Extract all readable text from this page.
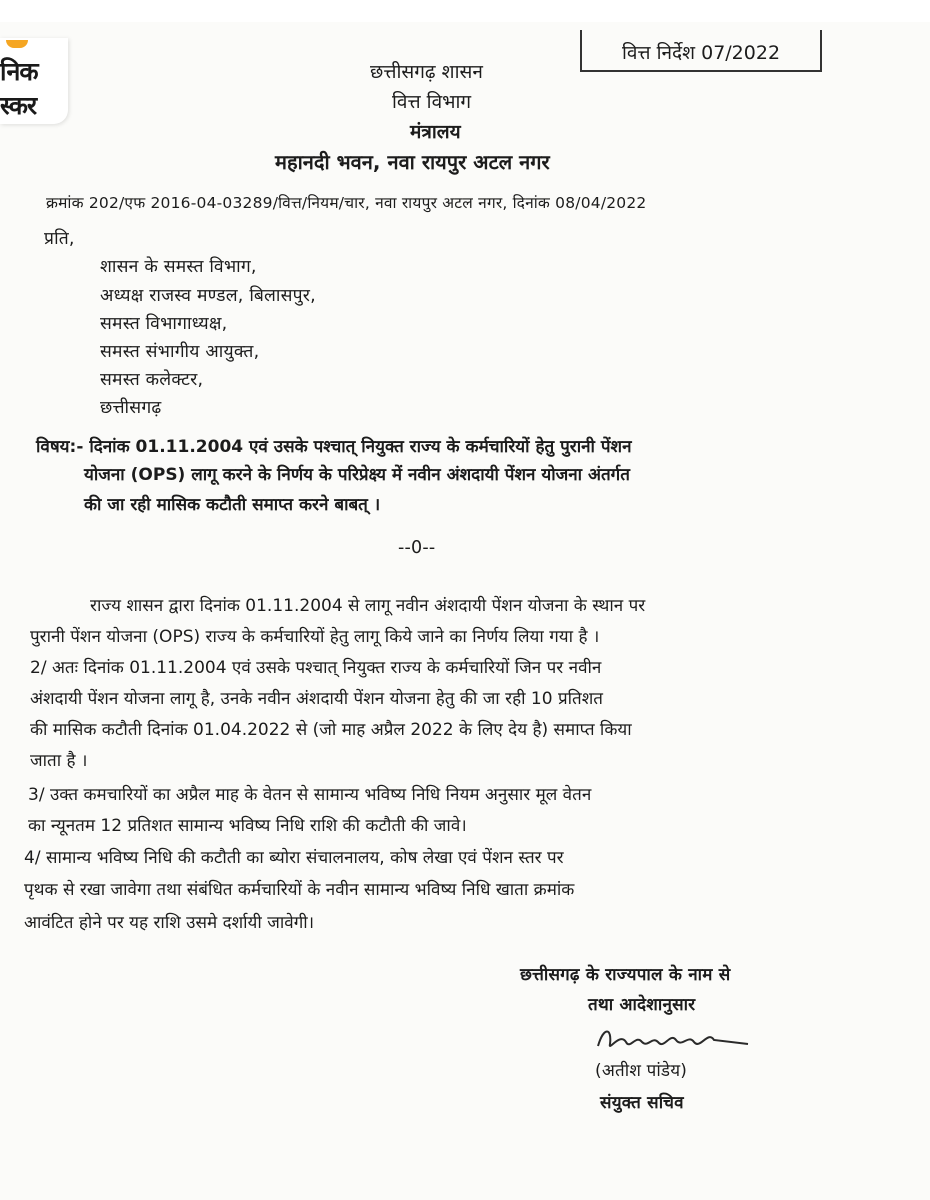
निक
स्कर
वित्त निर्देश 07/2022
छत्तीसगढ़ शासन
वित्त विभाग
मंत्रालय
महानदी भवन, नवा रायपुर अटल नगर
क्रमांक 202/एफ 2016-04-03289/वित्त/नियम/चार, नवा रायपुर अटल नगर, दिनांक 08/04/2022
प्रति,
शासन के समस्त विभाग,
अध्यक्ष राजस्व मण्डल, बिलासपुर,
समस्त विभागाध्यक्ष,
समस्त संभागीय आयुक्त,
समस्त कलेक्टर,
छत्तीसगढ़
विषय:- दिनांक 01.11.2004 एवं उसके पश्चात् नियुक्त राज्य के कर्मचारियों हेतु पुरानी पेंशन
योजना (OPS) लागू करने के निर्णय के परिप्रेक्ष्य में नवीन अंशदायी पेंशन योजना अंतर्गत
की जा रही मासिक कटौती समाप्त करने बाबत् ।
--0--
राज्य शासन द्वारा दिनांक 01.11.2004 से लागू नवीन अंशदायी पेंशन योजना के स्थान पर
पुरानी पेंशन योजना (OPS) राज्य के कर्मचारियों हेतु लागू किये जाने का निर्णय लिया गया है ।
2/ अतः दिनांक 01.11.2004 एवं उसके पश्चात् नियुक्त राज्य के कर्मचारियों जिन पर नवीन
अंशदायी पेंशन योजना लागू है, उनके नवीन अंशदायी पेंशन योजना हेतु की जा रही 10 प्रतिशत
की मासिक कटौती दिनांक 01.04.2022 से (जो माह अप्रैल 2022 के लिए देय है) समाप्त किया
जाता है ।
3/ उक्त कमचारियों का अप्रैल माह के वेतन से सामान्य भविष्य निधि नियम अनुसार मूल वेतन
का न्यूनतम 12 प्रतिशत सामान्य भविष्य निधि राशि की कटौती की जावे।
4/ सामान्य भविष्य निधि की कटौती का ब्योरा संचालनालय, कोष लेखा एवं पेंशन स्तर पर
पृथक से रखा जावेगा तथा संबंधित कर्मचारियों के नवीन सामान्य भविष्य निधि खाता क्रमांक
आवंटित होने पर यह राशि उसमे दर्शायी जावेगी।
छत्तीसगढ़ के राज्यपाल के नाम से
तथा आदेशानुसार
(अतीश पांडेय)
संयुक्त सचिव
